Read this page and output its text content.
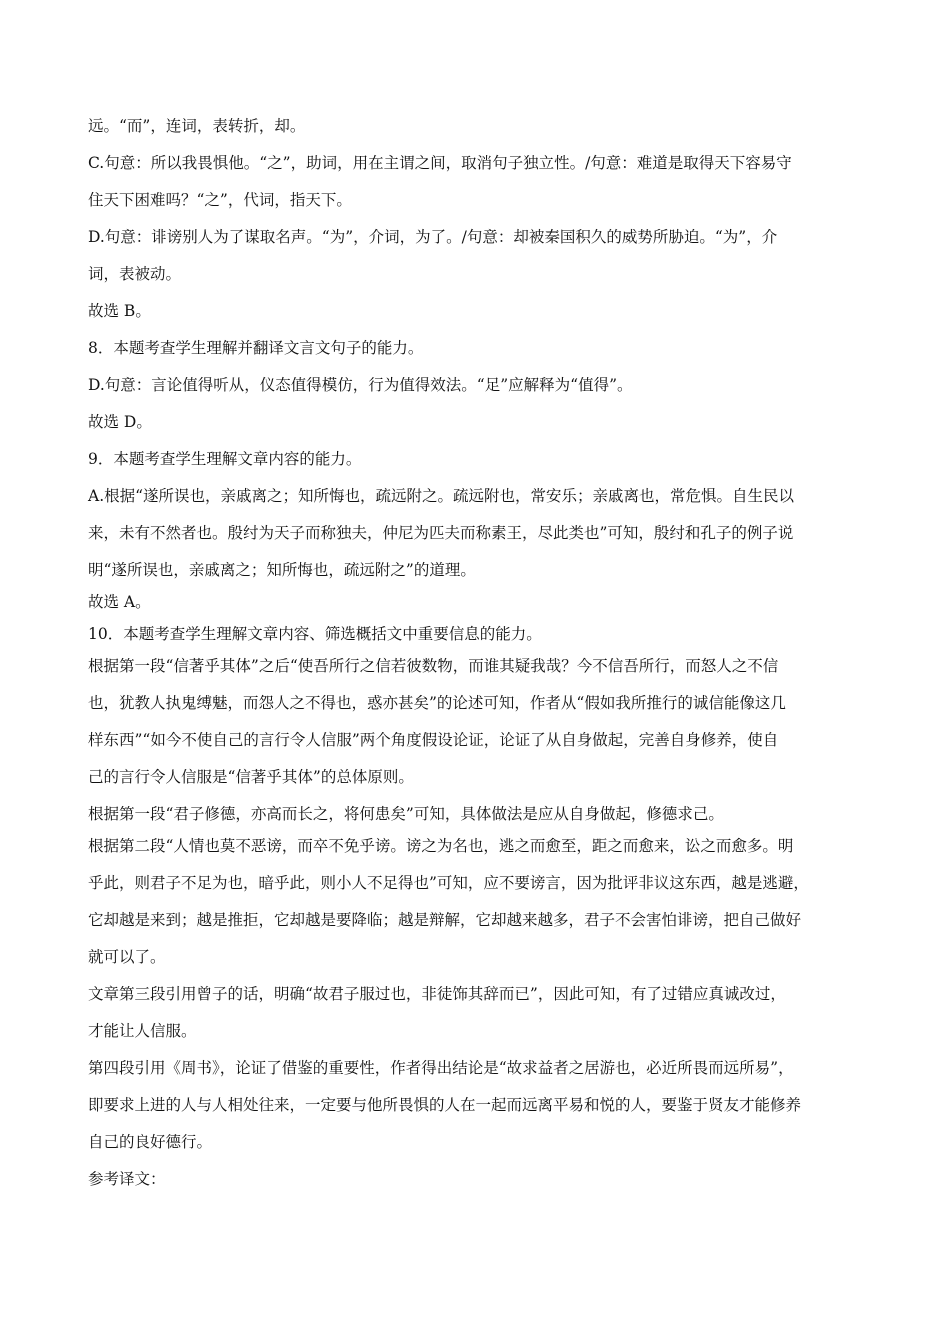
远。“而”，连词，表转折，却。
C.句意：所以我畏惧他。“之”，助词，用在主谓之间，取消句子独立性。/句意：难道是取得天下容易守
住天下困难吗？“之”，代词，指天下。
D.句意：诽谤别人为了谋取名声。“为”，介词，为了。/句意：却被秦国积久的威势所胁迫。“为”，介
词，表被动。
故选 B。
8．本题考查学生理解并翻译文言文句子的能力。
D.句意：言论值得听从，仪态值得模仿，行为值得效法。“足”应解释为“值得”。
故选 D。
9．本题考查学生理解文章内容的能力。
A.根据“遂所误也，亲戚离之；知所悔也，疏远附之。疏远附也，常安乐；亲戚离也，常危惧。自生民以
来，未有不然者也。殷纣为天子而称独夫，仲尼为匹夫而称素王，尽此类也”可知，殷纣和孔子的例子说
明“遂所误也，亲戚离之；知所悔也，疏远附之”的道理。
故选 A。
10．本题考查学生理解文章内容、筛选概括文中重要信息的能力。
根据第一段“信著乎其体”之后“使吾所行之信若彼数物，而谁其疑我哉？今不信吾所行，而怒人之不信
也，犹教人执鬼缚魅，而怨人之不得也，惑亦甚矣”的论述可知，作者从“假如我所推行的诚信能像这几
样东西”“如今不使自己的言行令人信服”两个角度假设论证，论证了从自身做起，完善自身修养，使自
己的言行令人信服是“信著乎其体”的总体原则。
根据第一段“君子修德，亦高而长之，将何患矣”可知，具体做法是应从自身做起，修德求己。
根据第二段“人情也莫不恶谤，而卒不免乎谤。谤之为名也，逃之而愈至，距之而愈来，讼之而愈多。明
乎此，则君子不足为也，暗乎此，则小人不足得也”可知，应不要谤言，因为批评非议这东西，越是逃避，
它却越是来到；越是推拒，它却越是要降临；越是辩解，它却越来越多，君子不会害怕诽谤，把自己做好
就可以了。
文章第三段引用曾子的话，明确“故君子服过也，非徒饰其辞而已”，因此可知，有了过错应真诚改过，
才能让人信服。
第四段引用《周书》，论证了借鉴的重要性，作者得出结论是“故求益者之居游也，必近所畏而远所易”，
即要求上进的人与人相处往来，一定要与他所畏惧的人在一起而远离平易和悦的人，要鉴于贤友才能修养
自己的良好德行。
参考译文：
